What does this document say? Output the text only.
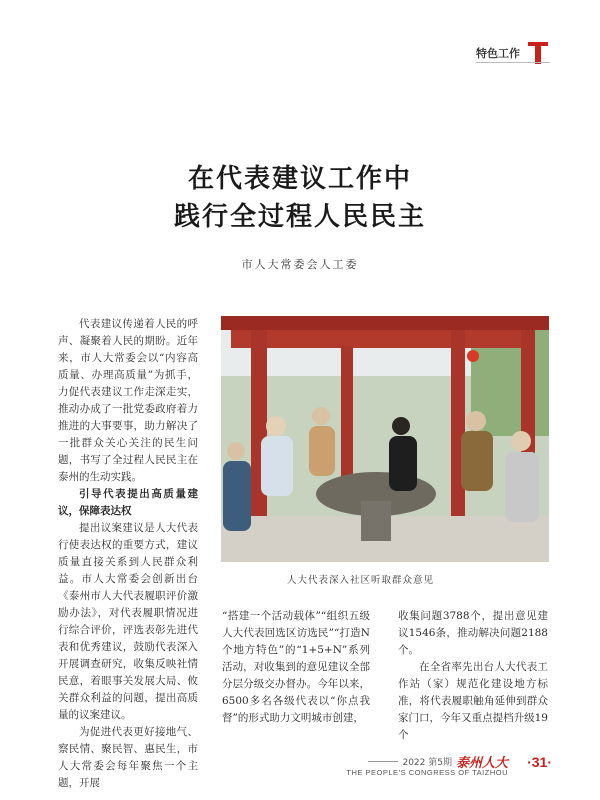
特色工作
在代表建议工作中
践行全过程人民民主
市人大常委会人工委

代表建议传递着人民的呼声、凝聚着人民的期盼。近年来，市人大常委会以“内容高质量、办理高质量”为抓手，力促代表建议工作走深走实，推动办成了一批党委政府着力推进的大事要事，助力解决了一批群众关心关注的民生问题，书写了全过程人民民主在泰州的生动实践。

引导代表提出高质量建议，保障表达权

提出议案建议是人大代表行使表达权的重要方式，建议质量直接关系到人民群众利益。市人大常委会创新出台《泰州市人大代表履职评价激励办法》，对代表履职情况进行综合评价，评选表彰先进代表和优秀建议，鼓励代表深入开展调查研究，收集反映社情民意，着眼事关发展大局、攸关群众利益的问题，提出高质量的议案建议。

为促进代表更好接地气、察民情、聚民智、惠民生，市人大常委会每年聚焦一个主题，开展

人大代表深入社区听取群众意见

“搭建一个活动载体”“组织五级人大代表回选区访选民”“打造N个地方特色”的“1+5+N”系列活动，对收集到的意见建议全部分层分级交办督办。今年以来，6500多名各级代表以“你点我督”的形式助力文明城市创建，

收集问题3788个，提出意见建议1546条，推动解决问题2188个。

在全省率先出台人大代表工作站（家）规范化建设地方标准，将代表履职触角延伸到群众家门口，今年又重点提档升级19个

2022 第5期 泰州人大
THE PEOPLE’S CONGRESS OF TAIZHOU
·31·
